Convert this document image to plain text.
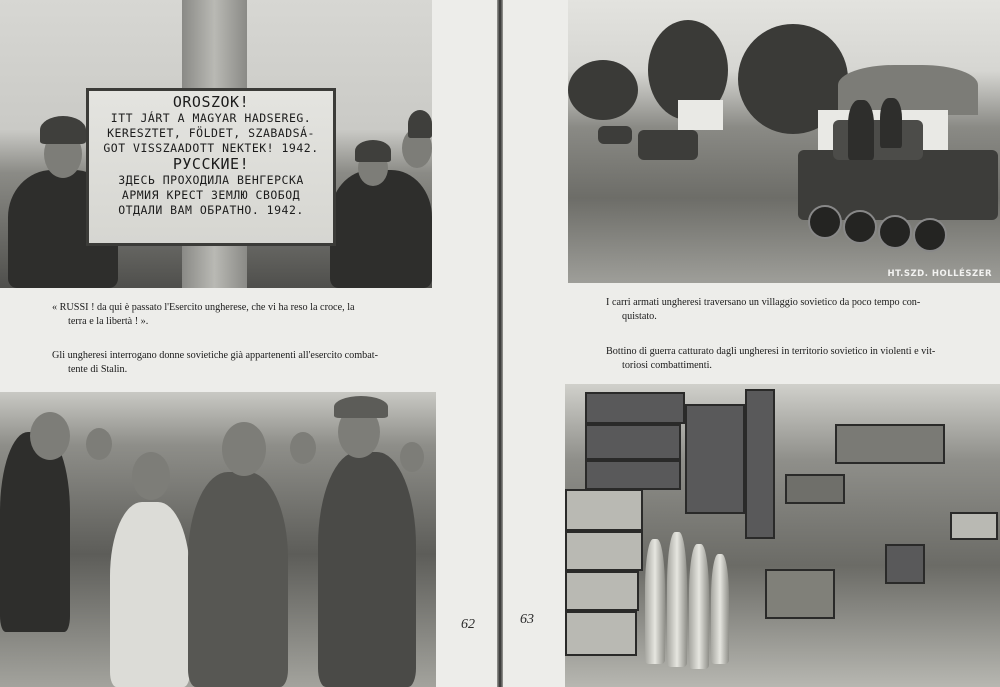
OROSZOK!
ITT JÁRT A MAGYAR HADSEREG.
KERESZTET, FÖLDET, SZABADSÁ-
GOT VISSZAADOTT NEKTEK! 1942.
РУССКИЕ!
ЗДЕСЬ ПРОХОДИЛА ВЕНГЕРСКА
АРМИЯ КРЕСТ ЗЕМЛЮ СВОБОД
ОТДАЛИ ВАМ ОБРАТНО. 1942.
« RUSSI ! da qui è passato l'Esercito ungherese, che vi ha reso la croce, la
terra e la libertà ! ».
Gli ungheresi interrogano donne sovietiche già appartenenti all'esercito combat-
tente di Stalin.
62
HT.SZD. HOLLÉSZER
I carri armati ungheresi traversano un villaggio sovietico da poco tempo con-
quistato.
Bottino di guerra catturato dagli ungheresi in territorio sovietico in violenti e vit-
toriosi combattimenti.
63
